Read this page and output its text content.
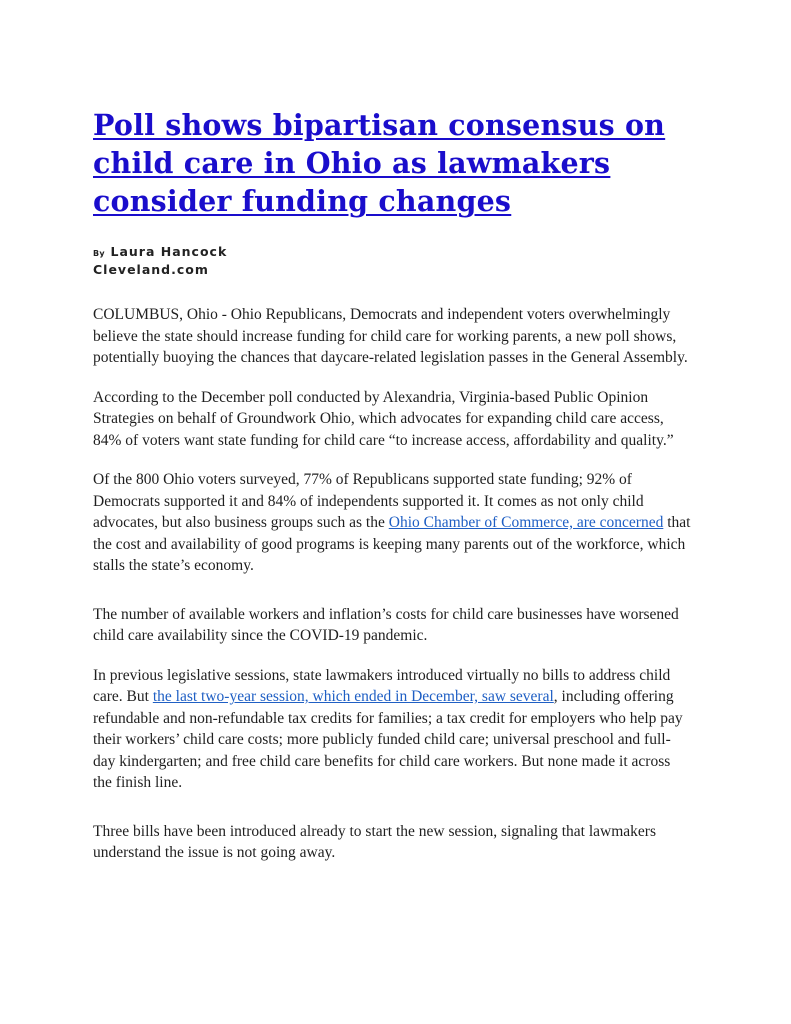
Poll shows bipartisan consensus on child care in Ohio as lawmakers consider funding changes
By Laura Hancock
Cleveland.com

COLUMBUS, Ohio - Ohio Republicans, Democrats and independent voters overwhelmingly believe the state should increase funding for child care for working parents, a new poll shows, potentially buoying the chances that daycare-related legislation passes in the General Assembly.

According to the December poll conducted by Alexandria, Virginia-based Public Opinion Strategies on behalf of Groundwork Ohio, which advocates for expanding child care access, 84% of voters want state funding for child care “to increase access, affordability and quality.”

Of the 800 Ohio voters surveyed, 77% of Republicans supported state funding; 92% of Democrats supported it and 84% of independents supported it. It comes as not only child advocates, but also business groups such as the Ohio Chamber of Commerce, are concerned that the cost and availability of good programs is keeping many parents out of the workforce, which stalls the state’s economy.

The number of available workers and inflation’s costs for child care businesses have worsened child care availability since the COVID-19 pandemic.

In previous legislative sessions, state lawmakers introduced virtually no bills to address child care. But the last two-year session, which ended in December, saw several, including offering refundable and non-refundable tax credits for families; a tax credit for employers who help pay their workers’ child care costs; more publicly funded child care; universal preschool and full-day kindergarten; and free child care benefits for child care workers. But none made it across the finish line.

Three bills have been introduced already to start the new session, signaling that lawmakers understand the issue is not going away.
